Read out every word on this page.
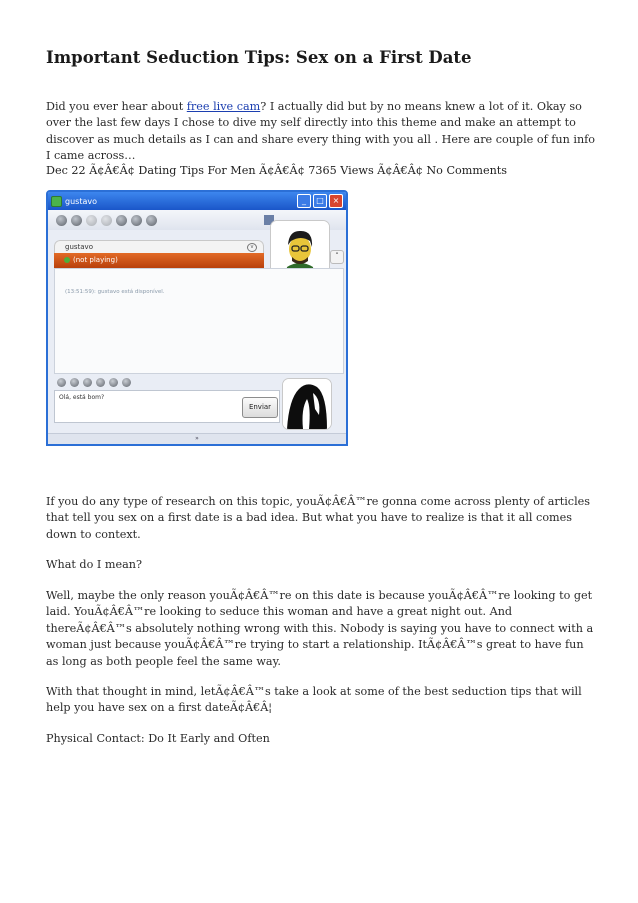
Important Seduction Tips: Sex on a First Date

Did you ever hear about free live cam? I actually did but by no means knew a lot of it. Okay so over the last few days I chose to dive my self directly into this theme and make an attempt to discover as much details as I can and share every thing with you all . Here are couple of fun info I came across…

Dec 22 Ã¢Â€Â¢ Dating Tips For Men Ã¢Â€Â¢ 7365 Views Ã¢Â€Â¢ No Comments
gustavo	_	□	×
gustavo	v
(not playing)	˄
(13:51:59): gustavo está disponível.
Olá, está bom?
Enviar
»

If you do any type of research on this topic, youÃ¢Â€Â™re gonna come across plenty of articles that tell you sex on a first date is a bad idea. But what you have to realize is that it all comes down to context.

What do I mean?

Well, maybe the only reason youÃ¢Â€Â™re on this date is because youÃ¢Â€Â™re looking to get laid. YouÃ¢Â€Â™re looking to seduce this woman and have a great night out. And thereÃ¢Â€Â™s absolutely nothing wrong with this. Nobody is saying you have to connect with a woman just because youÃ¢Â€Â™re trying to start a relationship. ItÃ¢Â€Â™s great to have fun as long as both people feel the same way.

With that thought in mind, letÃ¢Â€Â™s take a look at some of the best seduction tips that will help you have sex on a first dateÃ¢Â€Â¦

Physical Contact: Do It Early and Often
